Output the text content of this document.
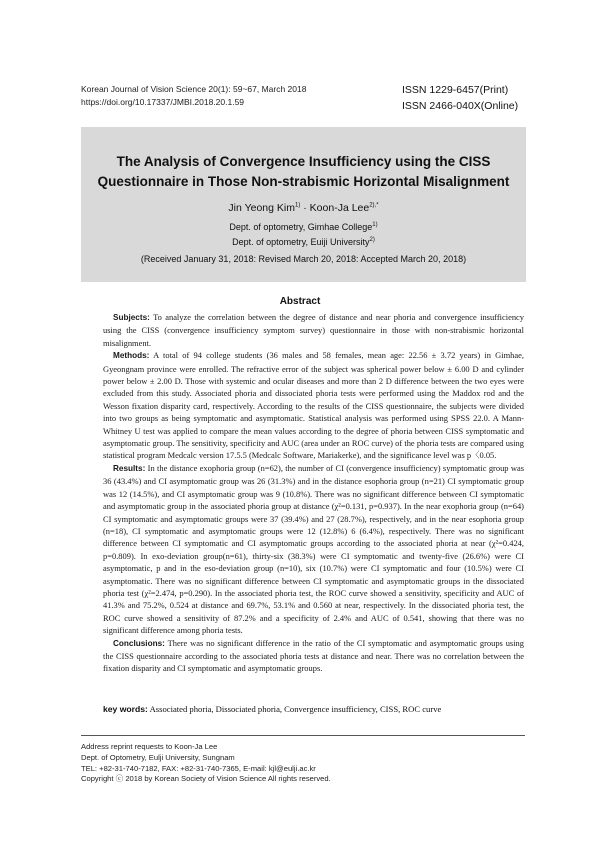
Korean Journal of Vision Science 20(1): 59~67, March 2018
https://doi.org/10.17337/JMBI.2018.20.1.59
ISSN 1229-6457(Print)
ISSN 2466-040X(Online)
The Analysis of Convergence Insufficiency using the CISS
Questionnaire in Those Non-strabismic Horizontal Misalignment
Jin Yeong Kim$^{1)}$ · Koon-Ja Lee$^{2),*}$
Dept. of optometry, Gimhae College$^{1)}$
Dept. of optometry, Euiji University$^{2)}$
(Received January 31, 2018: Revised March 20, 2018: Accepted March 20, 2018)
Abstract

Subjects: To analyze the correlation between the degree of distance and near phoria and convergence insufficiency using the CISS (convergence insufficiency symptom survey) questionnaire in those with non-strabismic horizontal misalignment.

Methods: A total of 94 college students (36 males and 58 females, mean age: 22.56 ± 3.72 years) in Gimhae, Gyeongnam province were enrolled. The refractive error of the subject was spherical power below ± 6.00 D and cylinder power below ± 2.00 D. Those with systemic and ocular diseases and more than 2 D difference between the two eyes were excluded from this study. Associated phoria and dissociated phoria tests were performed using the Maddox rod and the Wesson fixation disparity card, respectively. According to the results of the CISS questionnaire, the subjects were divided into two groups as being symptomatic and asymptomatic. Statistical analysis was performed using SPSS 22.0. A Mann-Whitney U test was applied to compare the mean values according to the degree of phoria between CISS symptomatic and asymptomatic group. The sensitivity, specificity and AUC (area under an ROC curve) of the phoria tests are compared using statistical program Medcalc version 17.5.5 (Medcalc Software, Mariakerke), and the significance level was p〈0.05.

Results: In the distance exophoria group (n=62), the number of CI (convergence insufficiency) symptomatic group was 36 (43.4%) and CI asymptomatic group was 26 (31.3%) and in the distance esophoria group (n=21) CI symptomatic group was 12 (14.5%), and CI asymptomatic group was 9 (10.8%). There was no significant difference between CI symptomatic and asymptomatic group in the associated phoria group at distance (χ²=0.131, p=0.937). In the near exophoria group (n=64) CI symptomatic and asymptomatic groups were 37 (39.4%) and 27 (28.7%), respectively, and in the near esophoria group (n=18), CI symptomatic and asymptomatic groups were 12 (12.8%) 6 (6.4%), respectively. There was no significant difference between CI symptomatic and CI asymptomatic groups according to the associated phoria at near (χ²=0.424, p=0.809). In exo-deviation group(n=61), thirty-six (38.3%) were CI symptomatic and twenty-five (26.6%) were CI asymptomatic, p and in the eso-deviation group (n=10), six (10.7%) were CI symptomatic and four (10.5%) were CI asymptomatic. There was no significant difference between CI symptomatic and asymptomatic groups in the dissociated phoria test (χ²=2.474, p=0.290). In the associated phoria test, the ROC curve showed a sensitivity, specificity and AUC of 41.3% and 75.2%, 0.524 at distance and 69.7%, 53.1% and 0.560 at near, respectively. In the dissociated phoria test, the ROC curve showed a sensitivity of 87.2% and a specificity of 2.4% and AUC of 0.541, showing that there was no significant difference among phoria tests.

Conclusions: There was no significant difference in the ratio of the CI symptomatic and asymptomatic groups using the CISS questionnaire according to the associated phoria tests at distance and near. There was no correlation between the fixation disparity and CI symptomatic and asymptomatic groups.

key words: Associated phoria, Dissociated phoria, Convergence insufficiency, CISS, ROC curve
Address reprint requests to Koon-Ja Lee
Dept. of Optometry, Eulji University, Sungnam
TEL: +82-31-740-7182, FAX: +82-31-740-7365, E-mail: kjl@eulji.ac.kr
Copyright ⓒ 2018 by Korean Society of Vision Science All rights reserved.
